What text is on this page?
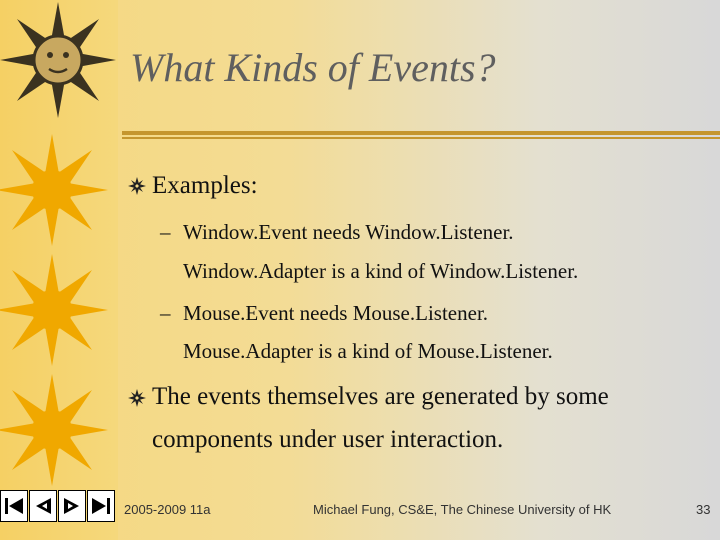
What Kinds of Events?
Examples:
– Window.Event needs Window.Listener.
Window.Adapter is a kind of Window.Listener.
– Mouse.Event needs Mouse.Listener.
Mouse.Adapter is a kind of Mouse.Listener.
The events themselves are generated by some
components under user interaction.
2005-2009 11a	Michael Fung, CS&E, The Chinese University of HK	33
